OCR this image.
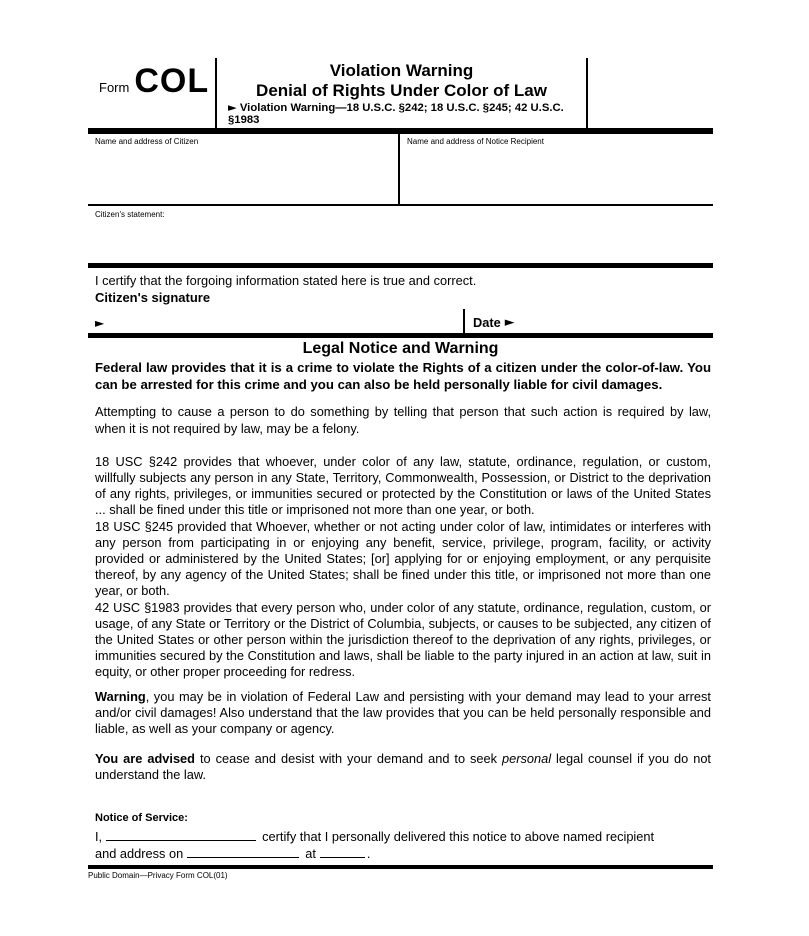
Form COL	Violation Warning
Denial of Rights Under Color of Law
► Violation Warning—18 U.S.C. §242; 18 U.S.C. §245; 42 U.S.C. §1983
Name and address of Citizen	Name and address of Notice Recipient
Citizen's statement:
I certify that the forgoing information stated here is true and correct.
Citizen's signature
►	Date ►
Legal Notice and Warning
Federal law provides that it is a crime to violate the Rights of a citizen under the color-of-law. You can be arrested for this crime and you can also be held personally liable for civil damages.
Attempting to cause a person to do something by telling that person that such action is required by law, when it is not required by law, may be a felony.

18 USC §242 provides that whoever, under color of any law, statute, ordinance, regulation, or custom, willfully subjects any person in any State, Territory, Commonwealth, Possession, or District to the deprivation of any rights, privileges, or immunities secured or protected by the Constitution or laws of the United States ... shall be fined under this title or imprisoned not more than one year, or both.

18 USC §245 provided that Whoever, whether or not acting under color of law, intimidates or interferes with any person from participating in or enjoying any benefit, service, privilege, program, facility, or activity provided or administered by the United States; [or] applying for or enjoying employment, or any perquisite thereof, by any agency of the United States; shall be fined under this title, or imprisoned not more than one year, or both.

42 USC §1983 provides that every person who, under color of any statute, ordinance, regulation, custom, or usage, of any State or Territory or the District of Columbia, subjects, or causes to be subjected, any citizen of the United States or other person within the jurisdiction thereof to the deprivation of any rights, privileges, or immunities secured by the Constitution and laws, shall be liable to the party injured in an action at law, suit in equity, or other proper proceeding for redress.

Warning, you may be in violation of Federal Law and persisting with your demand may lead to your arrest and/or civil damages! Also understand that the law provides that you can be held personally responsible and liable, as well as your company or agency.
You are advised to cease and desist with your demand and to seek personal legal counsel if you do not understand the law.
Notice of Service:
I,	certify that I personally delivered this notice to above named recipient
and address on	at	.
Public Domain—Privacy Form COL(01)
